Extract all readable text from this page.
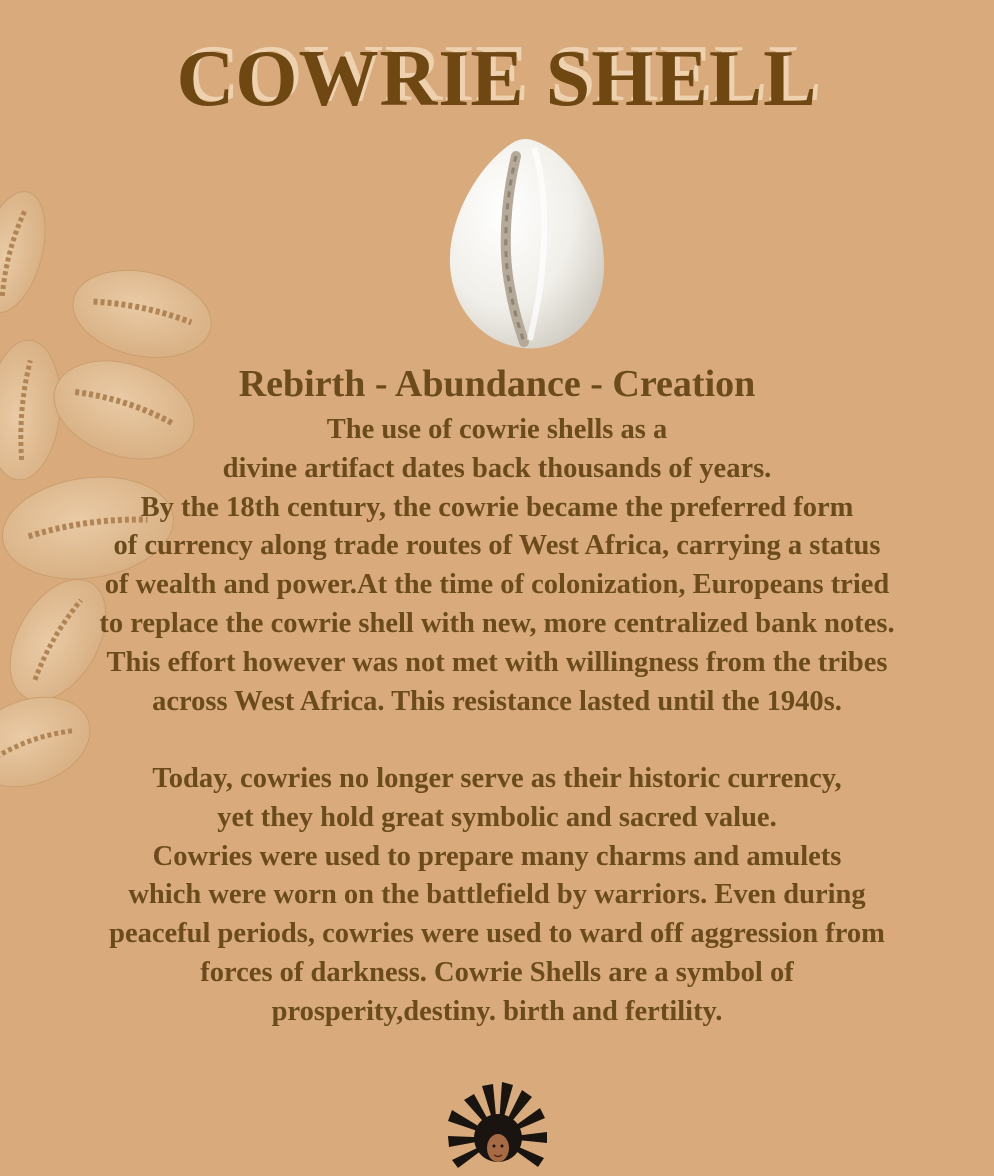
COWRIE SHELL
Rebirth - Abundance - Creation
The use of cowrie shells as a
divine artifact dates back thousands of years.
By the 18th century, the cowrie became the preferred form
of currency along trade routes of West Africa, carrying a status
of wealth and power.At the time of colonization, Europeans tried
to replace the cowrie shell with new, more centralized bank notes.
This effort however was not met with willingness from the tribes
across West Africa. This resistance lasted until the 1940s.
Today, cowries no longer serve as their historic currency,
yet they hold great symbolic and sacred value.
Cowries were used to prepare many charms and amulets
which were worn on the battlefield by warriors. Even during
peaceful periods, cowries were used to ward off aggression from
forces of darkness. Cowrie Shells are a symbol of
prosperity,destiny. birth and fertility.
